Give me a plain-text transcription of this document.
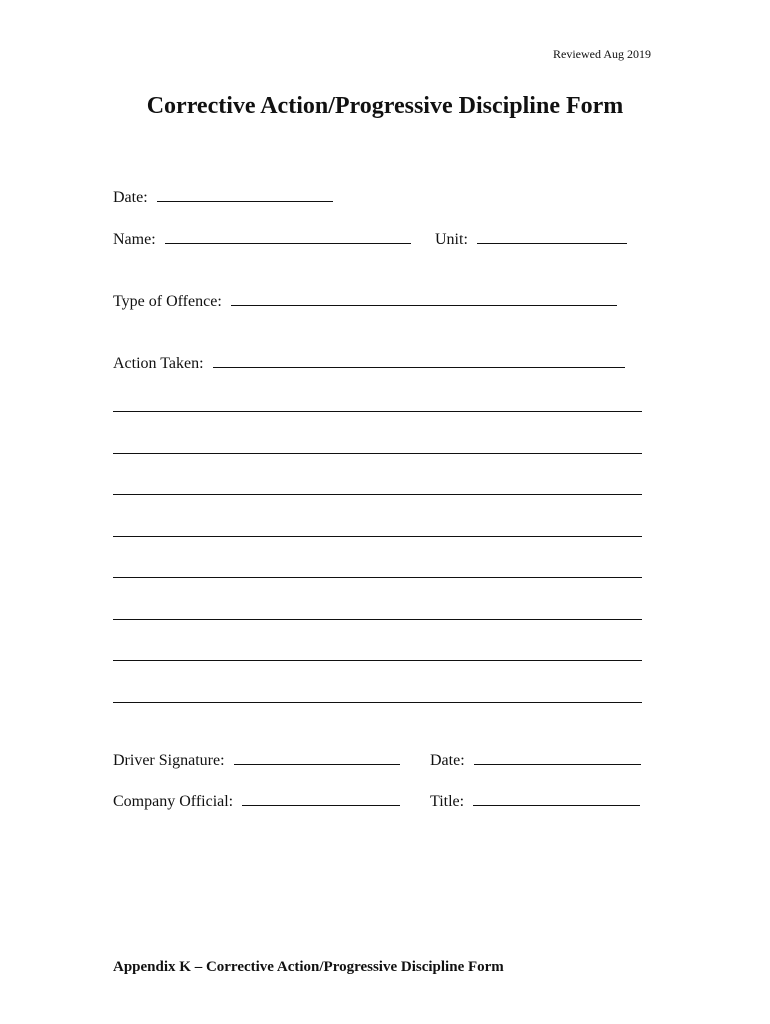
Reviewed Aug 2019
Corrective Action/Progressive Discipline Form
Date:
Name:	Unit:
Type of Offence:
Action Taken:
Driver Signature:	Date:
Company Official:	Title:
Appendix K – Corrective Action/Progressive Discipline Form
